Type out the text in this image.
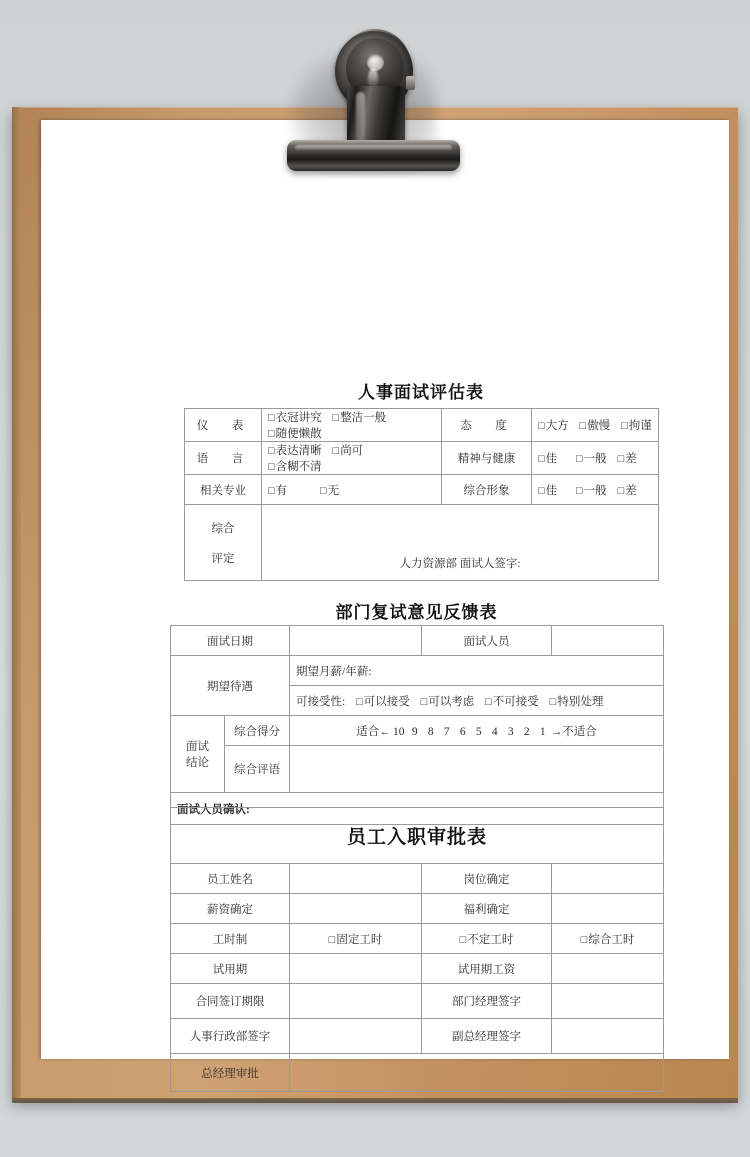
人事面试评估表
仪　表	□ 衣冠讲究 □ 整洁一般 □ 随便懒散	态　度	□ 大方 □ 傲慢 □ 拘谨
语　言	□ 表达清晰 □ 尚可 □ 含糊不清	精神与健康	□ 佳 □ 一般 □ 差
相关专业	□ 有 □ 无	综合形象	□ 佳 □ 一般 □ 差

综合
评定	人力资源部 面试人签字:		
部门复试意见反馈表
面试日期			面试人员	
期望待遇		期望月薪/年薪:		
		可接受性: □ 可以接受 □ 可以考虑 □ 不可接受 □ 特别处理

面试
结论	综合得分	适合← 10 9 8 7 6 5 4 3 2 1 →不适合		
	综合评语			
面试人员确认:				
员工入职审批表			
员工姓名		岗位确定	
薪资确定		福利确定	
工时制	□ 固定工时	□ 不定工时	□ 综合工时
试用期		试用期工资	
合同签订期限		部门经理签字	
人事行政部签字		副总经理签字	
总经理审批			
